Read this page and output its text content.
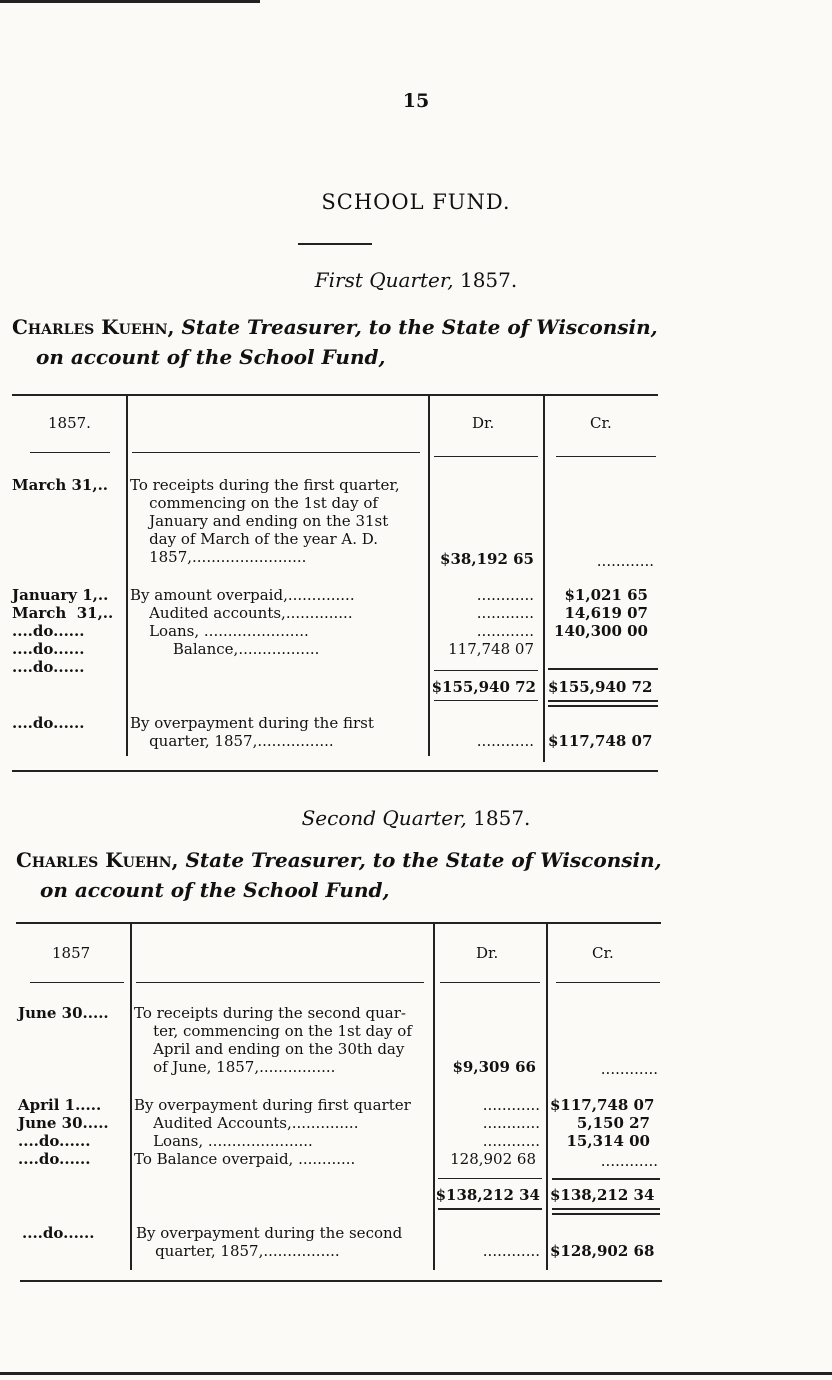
15
SCHOOL FUND.
First Quarter, 1857.
Charles Kuehn, State Treasurer, to the State of Wisconsin,
on account of the School Fund,
1857.	Dr.	Cr.
March 31,.. To receipts during the first quarter,
commencing on the 1st day of
January and ending on the 31st
day of March of the year A. D.
1857,........................	$38,192 65	............
January 1,.. By amount overpaid,..............	............	$1,021 65
March  31,.. Audited accounts,..............	............	14,619 07
....do......	Loans, ......................	............	140,300 00
....do......	Balance,.................	117,748 07
....do......
$155,940 72 $155,940 72
....do......	By overpayment during the first
quarter, 1857,................	............ $117,748 07
Second Quarter, 1857.
Charles Kuehn, State Treasurer, to the State of Wisconsin,
on account of the School Fund,
1857	Dr.	Cr.
June 30..... To receipts during the second quar-
ter, commencing on the 1st day of
April and ending on the 30th day
of June, 1857,................	$9,309 66	............
April 1..... By overpayment during first quarter	............ $117,748 07
June 30..... Audited Accounts,..............	............	5,150 27
....do......	Loans, ......................	............	15,314 00
....do......	To Balance overpaid, ............	128,902 68	............
$138,212 34 $138,212 34
....do......	By overpayment during the second
quarter, 1857,................	............ $128,902 68
